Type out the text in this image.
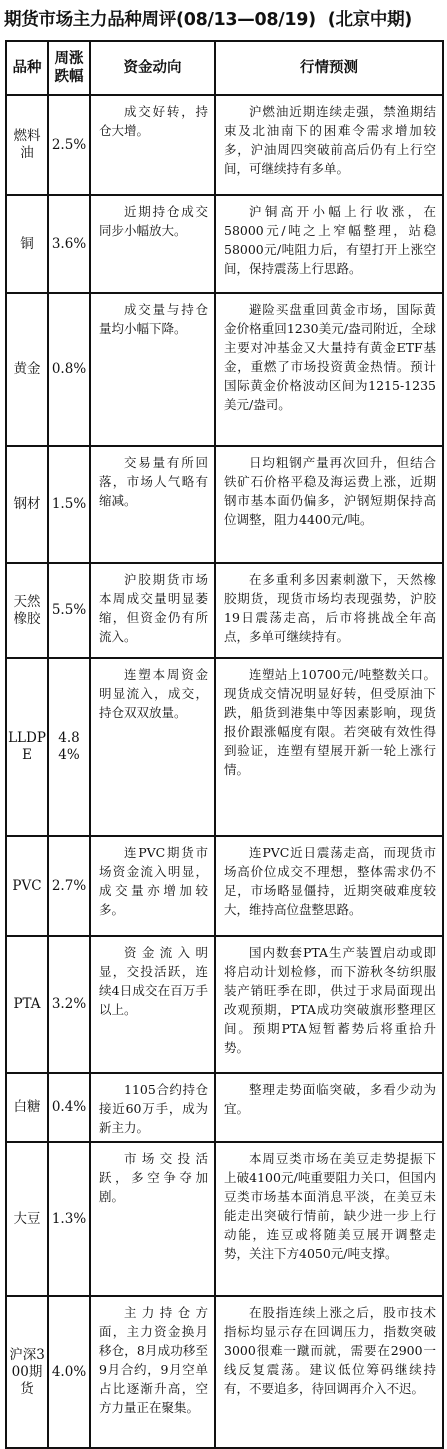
期货市场主力品种周评(08/13—08/19) (北京中期)
品种	周涨跌幅	资金动向	行情预测
燃料油	2.5%	成交好转，持仓大增。	沪燃油近期连续走强，禁渔期结束及北油南下的困难令需求增加较多，沪油周四突破前高后仍有上行空间，可继续持有多单。
铜	3.6%	近期持仓成交同步小幅放大。	沪铜高开小幅上行收涨，在58000元/吨之上窄幅整理，站稳58000元/吨阻力后，有望打开上涨空间，保持震荡上行思路。
黄金	0.8%	成交量与持仓量均小幅下降。	避险买盘重回黄金市场，国际黄金价格重回1230美元/盎司附近，全球主要对冲基金又大量持有黄金ETF基金，重燃了市场投资黄金热情。预计国际黄金价格波动区间为1215-1235美元/盎司。
钢材	1.5%	交易量有所回落，市场人气略有缩减。	日均粗钢产量再次回升，但结合铁矿石价格平稳及海运费上涨，近期钢市基本面仍偏多，沪钢短期保持高位调整，阻力4400元/吨。
天然橡胶	5.5%	沪胶期货市场本周成交量明显萎缩，但资金仍有所流入。	在多重利多因素刺激下，天然橡胶期货，现货市场均表现强势，沪胶19日震荡走高，后市将挑战全年高点，多单可继续持有。
LLDPE	4.84%	连塑本周资金明显流入，成交，持仓双双放量。	连塑站上10700元/吨整数关口。现货成交情况明显好转，但受原油下跌，船货到港集中等因素影响，现货报价跟涨幅度有限。若突破有效性得到验证，连塑有望展开新一轮上涨行情。
PVC	2.7%	连PVC期货市场资金流入明显，成交量亦增加较多。	连PVC近日震荡走高，而现货市场高价位成交不理想，整体需求仍不足，市场略显僵持，近期突破难度较大，维持高位盘整思路。
PTA	3.2%	资金流入明显，交投活跃，连续4日成交在百万手以上。	国内数套PTA生产装置启动或即将启动计划检修，而下游秋冬纺织服装产销旺季在即，供过于求局面现出改观预期，PTA成功突破旗形整理区间。预期PTA短暂蓄势后将重拾升势。
白糖	0.4%	1105合约持仓接近60万手，成为新主力。	整理走势面临突破，多看少动为宜。
大豆	1.3%	市场交投活跃，多空争夺加剧。	本周豆类市场在美豆走势提振下上破4100元/吨重要阻力关口，但国内豆类市场基本面消息平淡，在美豆未能走出突破行情前，缺少进一步上行动能，连豆或将随美豆展开调整走势，关注下方4050元/吨支撑。
沪深300期货	4.0%	主力持仓方面，主力资金换月移仓，8月成功移至9月合约，9月空单占比逐渐升高，空方力量正在聚集。	在股指连续上涨之后，股市技术指标均显示存在回调压力，指数突破3000很难一蹴而就，需要在2900一线反复震荡。建议低位筹码继续持有，不要追多，待回调再介入不迟。
